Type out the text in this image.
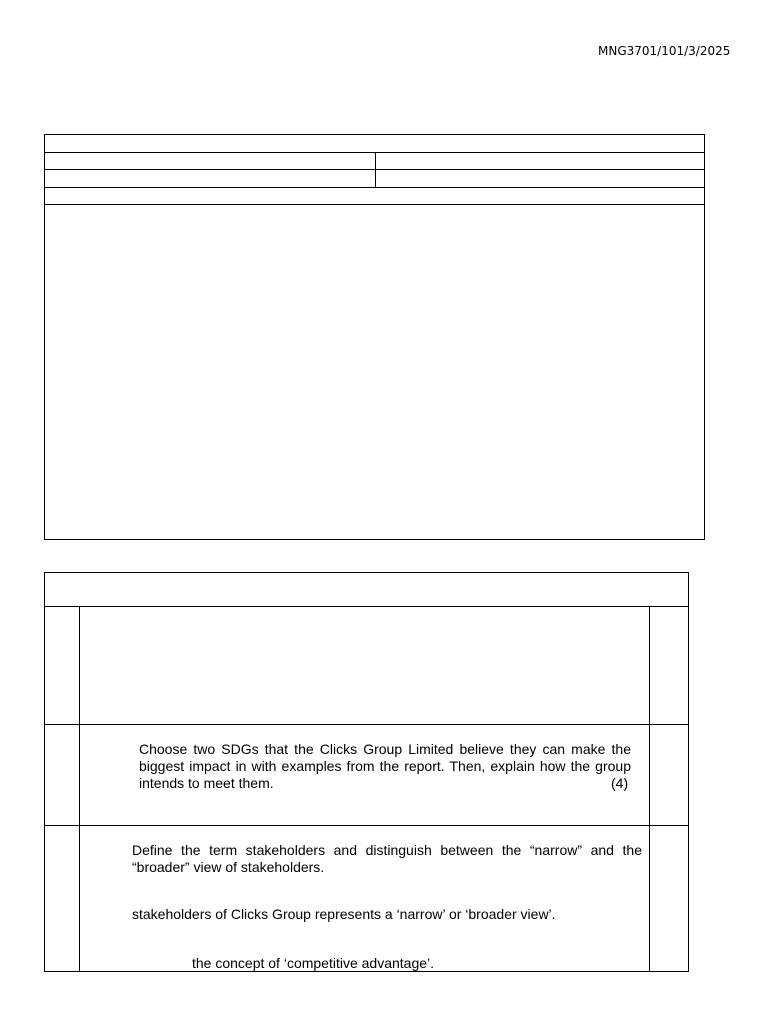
MNG3701/101/3/2025

Choose two SDGs that the Clicks Group Limited believe they can make the biggest impact in with examples from the report. Then, explain how the group intends to meet them.	(4)

Define the term stakeholders and distinguish between the “narrow” and the “broader” view of stakeholders.

stakeholders of Clicks Group represents a ‘narrow’ or ‘broader view’.

the concept of ‘competitive advantage’.
